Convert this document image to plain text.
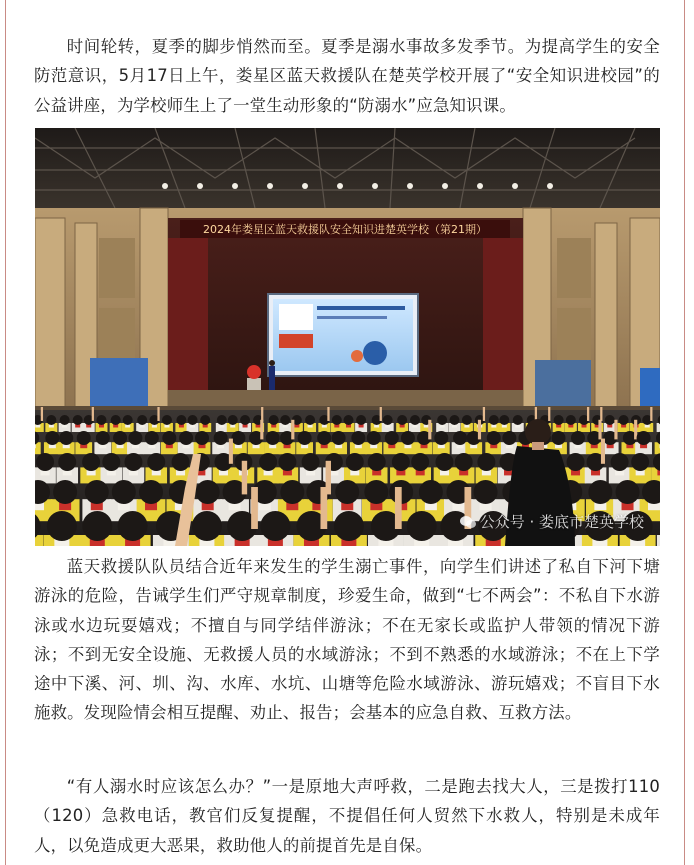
时间轮转，夏季的脚步悄然而至。夏季是溺水事故多发季节。为提高学生的安全防范意识，5月17日上午，娄星区蓝天救援队在楚英学校开展了“安全知识进校园”的公益讲座，为学校师生上了一堂生动形象的“防溺水”应急知识课。

2024年娄星区蓝天救援队安全知识进楚英学校（第21期）
公众号 · 娄底市楚英学校

蓝天救援队队员结合近年来发生的学生溺亡事件，向学生们讲述了私自下河下塘游泳的危险，告诫学生们严守规章制度，珍爱生命，做到“七不两会”：不私自下水游泳或水边玩耍嬉戏；不擅自与同学结伴游泳；不在无家长或监护人带领的情况下游泳；不到无安全设施、无救援人员的水域游泳；不到不熟悉的水域游泳；不在上下学途中下溪、河、圳、沟、水库、水坑、山塘等危险水域游泳、游玩嬉戏；不盲目下水施救。发现险情会相互提醒、劝止、报告；会基本的应急自救、互救方法。

“有人溺水时应该怎么办？”一是原地大声呼救，二是跑去找大人，三是拨打110（120）急救电话，教官们反复提醒，不提倡任何人贸然下水救人，特别是未成年人，以免造成更大恶果，救助他人的前提首先是自保。
